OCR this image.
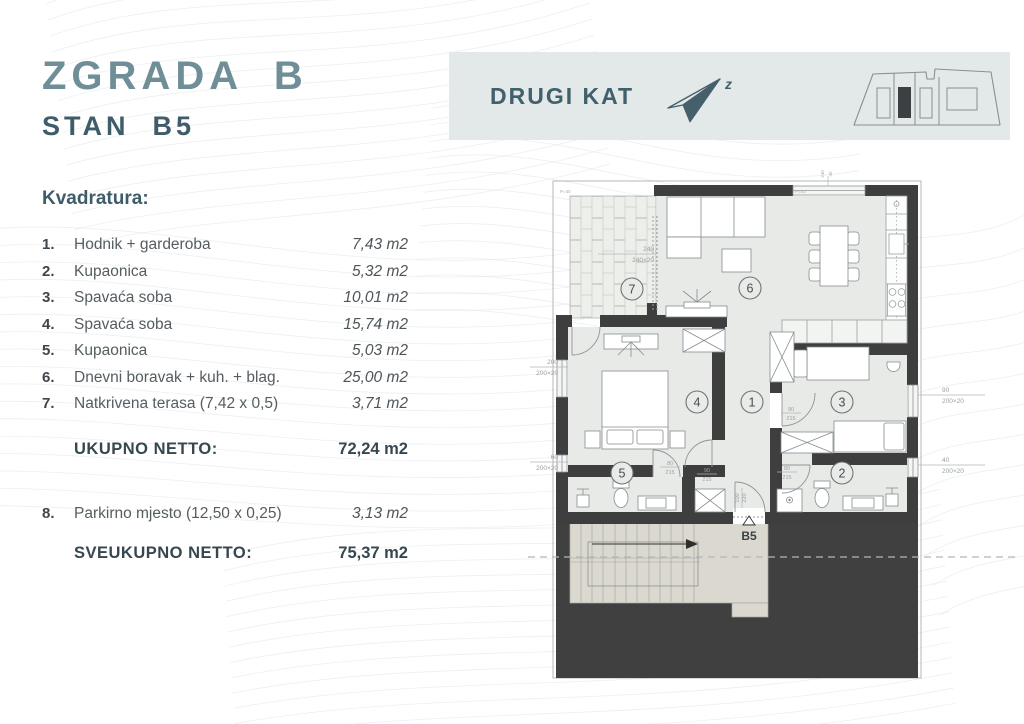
ZGRADA  B
STAN  B5
Kvadratura:
1.	Hodnik + garderoba	7,43 m2
2.	Kupaonica	5,32 m2
3.	Spavaća soba	10,01 m2
4.	Spavaća soba	15,74 m2
5.	Kupaonica	5,03 m2
6.	Dnevni boravak + kuh. + blag.	25,00 m2
7.	Natkrivena terasa (7,42 x 0,5)	3,71 m2
UKUPNO NETTO:	72,24 m2
8.	Parkirno mjesto (12,50 x 0,25)	3,13 m2
SVEUKUPNO NETTO:	75,37 m2
DRUGI KAT	z
B5
7	6
4	1	3
5	2
240
240×20
200
200×20
60
200×20
90
200×20
40
200×20
80
215	90
215
90
215
80
215
100 220
240 40
P=40	P=40
